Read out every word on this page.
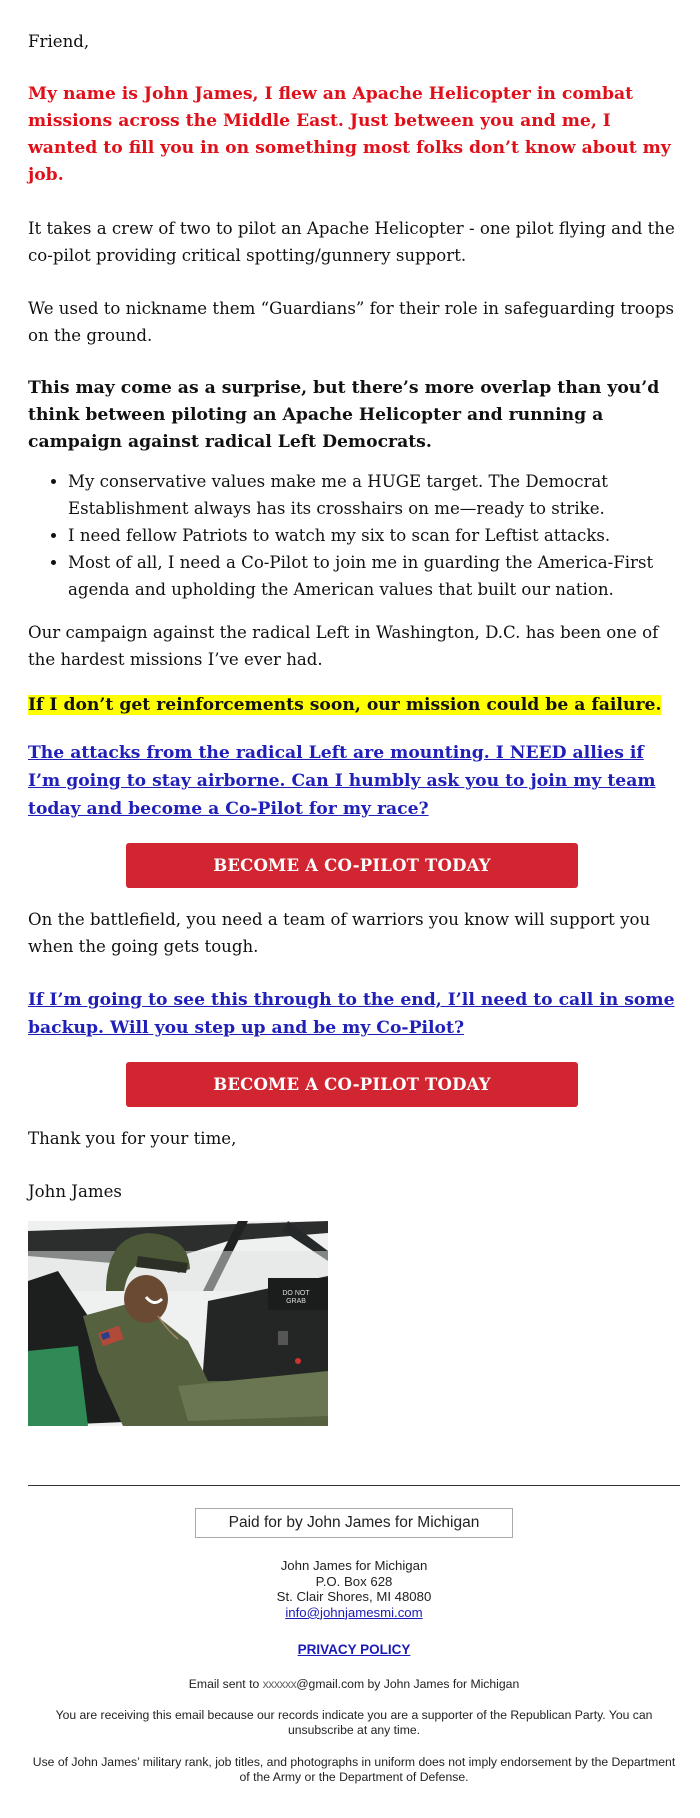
Friend,

My name is John James, I flew an Apache Helicopter in combat missions across the Middle East. Just between you and me, I wanted to fill you in on something most folks don’t know about my job.

It takes a crew of two to pilot an Apache Helicopter - one pilot flying and the co-pilot providing critical spotting/gunnery support.

We used to nickname them “Guardians” for their role in safeguarding troops on the ground.

This may come as a surprise, but there’s more overlap than you’d think between piloting an Apache Helicopter and running a campaign against radical Left Democrats.

• My conservative values make me a HUGE target. The Democrat Establishment always has its crosshairs on me—ready to strike.
• I need fellow Patriots to watch my six to scan for Leftist attacks.
• Most of all, I need a Co-Pilot to join me in guarding the America-First agenda and upholding the American values that built our nation.

Our campaign against the radical Left in Washington, D.C. has been one of the hardest missions I’ve ever had.

If I don’t get reinforcements soon, our mission could be a failure.

The attacks from the radical Left are mounting. I NEED allies if I’m going to stay airborne. Can I humbly ask you to join my team today and become a Co-Pilot for my race?

BECOME A CO-PILOT TODAY

On the battlefield, you need a team of warriors you know will support you when the going gets tough.

If I’m going to see this through to the end, I’ll need to call in some backup. Will you step up and be my Co-Pilot?

BECOME A CO-PILOT TODAY

Thank you for your time,

John James

DO NOT
GRAB
Paid for by John James for Michigan
John James for Michigan
P.O. Box 628
St. Clair Shores, MI 48080
info@johnjamesmi.com
PRIVACY POLICY
Email sent to xxxxxx@gmail.com by John James for Michigan
You are receiving this email because our records indicate you are a supporter of the Republican Party. You can unsubscribe at any time.
Use of John James’ military rank, job titles, and photographs in uniform does not imply endorsement by the Department of the Army or the Department of Defense.
